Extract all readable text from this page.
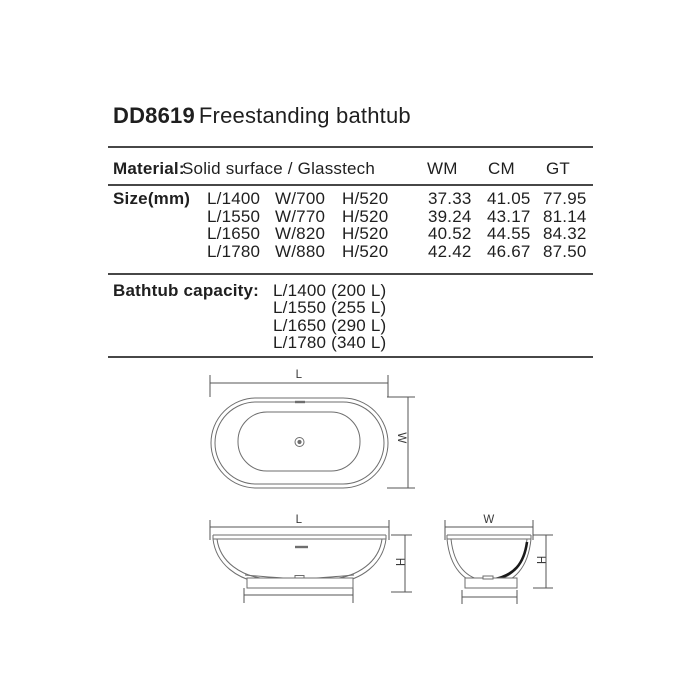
DD8619 Freestanding bathtub
Material:
Solid surface / Glasstech	WM CM GT
Size(mm) L/1400 W/700 H/520 37.33 41.05 77.95
L/1550 W/770 H/520 39.24 43.17 81.14
L/1650 W/820 H/520 40.52 44.55 84.32
L/1780 W/880 H/520 42.42 46.67 87.50
Bathtub capacity: L/1400 (200 L)
L/1550 (255 L)
L/1650 (290 L)
L/1780 (340 L)
L
W
L
H
W
H
